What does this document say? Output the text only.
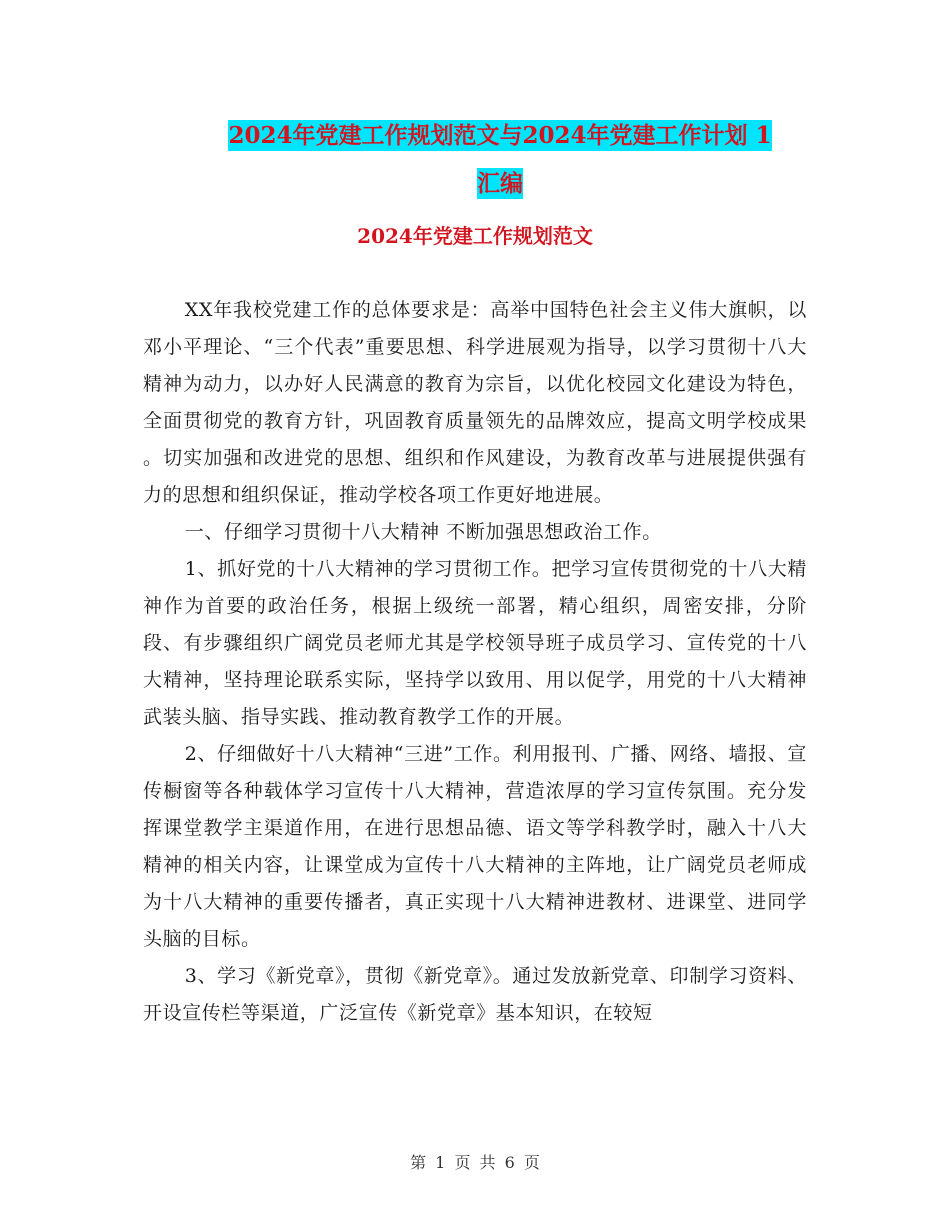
2024年党建工作规划范文与2024年党建工作计划 1
汇编
2024年党建工作规划范文

XX年我校党建工作的总体要求是：高举中国特色社会主义伟大旗帜，以邓小平理论、“三个代表”重要思想、科学进展观为指导，以学习贯彻十八大精神为动力，以办好人民满意的教育为宗旨，以优化校园文化建设为特色，全面贯彻党的教育方针，巩固教育质量领先的品牌效应，提高文明学校成果 。切实加强和改进党的思想、组织和作风建设，为教育改革与进展提供强有力的思想和组织保证，推动学校各项工作更好地进展。

一、仔细学习贯彻十八大精神 不断加强思想政治工作。

1、抓好党的十八大精神的学习贯彻工作。把学习宣传贯彻党的十八大精神作为首要的政治任务，根据上级统一部署，精心组织，周密安排，分阶段、有步骤组织广阔党员老师尤其是学校领导班子成员学习、宣传党的十八大精神，坚持理论联系实际，坚持学以致用、用以促学，用党的十八大精神武装头脑、指导实践、推动教育教学工作的开展。

2、仔细做好十八大精神“三进”工作。利用报刊、广播、网络、墙报、宣传橱窗等各种载体学习宣传十八大精神，营造浓厚的学习宣传氛围。充分发挥课堂教学主渠道作用，在进行思想品德、语文等学科教学时，融入十八大精神的相关内容，让课堂成为宣传十八大精神的主阵地，让广阔党员老师成为十八大精神的重要传播者，真正实现十八大精神进教材、进课堂、进同学头脑的目标。

3、学习《新党章》，贯彻《新党章》。通过发放新党章、印制学习资料、开设宣传栏等渠道，广泛宣传《新党章》基本知识，在较短

第 1 页 共 6 页
